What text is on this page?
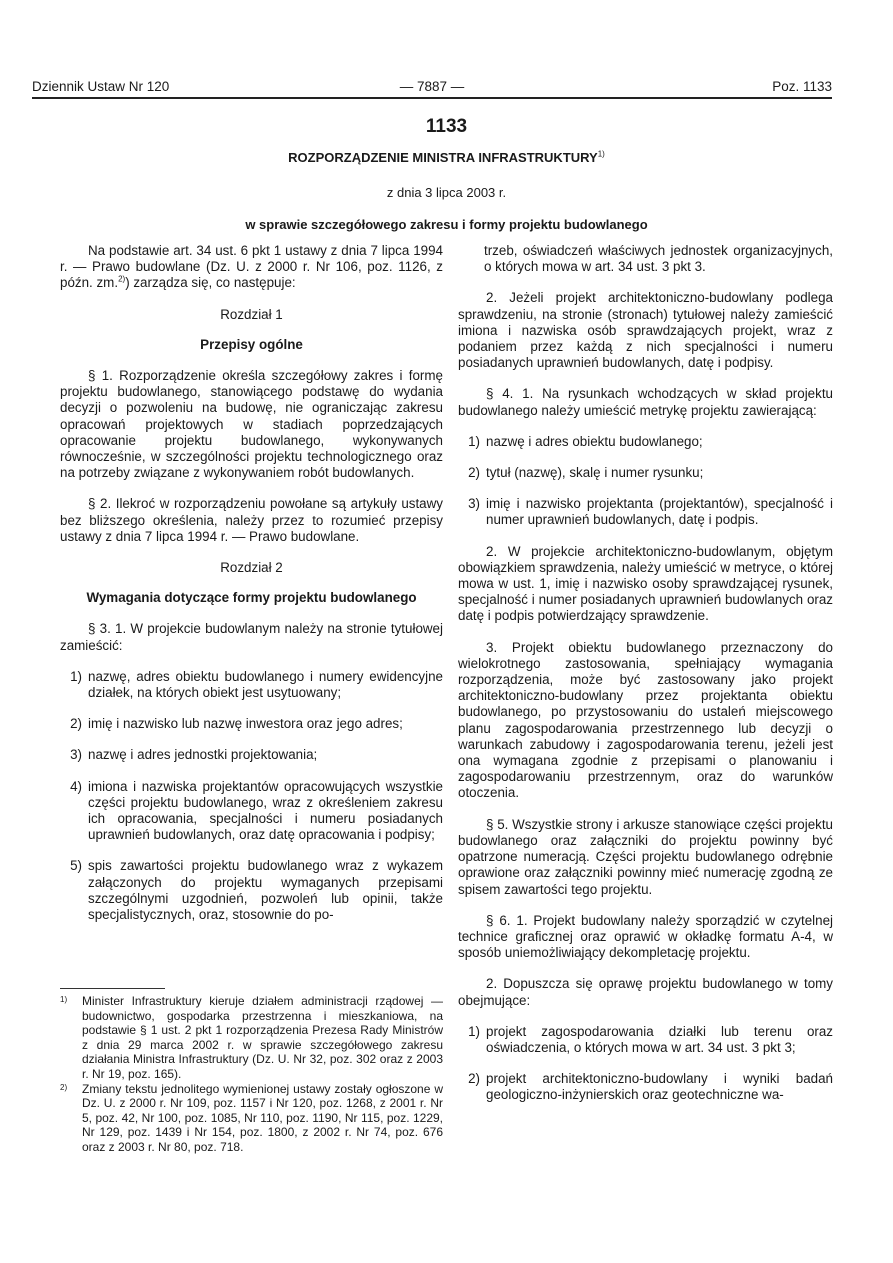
Dziennik Ustaw Nr 120	— 7887 —	Poz. 1133
1133
ROZPORZĄDZENIE MINISTRA INFRASTRUKTURY$^{1)}$
z dnia 3 lipca 2003 r.
w sprawie szczegółowego zakresu i formy projektu budowlanego

Na podstawie art. 34 ust. 6 pkt 1 ustawy z dnia 7 lipca 1994 r. — Prawo budowlane (Dz. U. z 2000 r. Nr 106, poz. 1126, z późn. zm.$^{2)}$) zarządza się, co następuje:

Rozdział 1
Przepisy ogólne

§ 1. Rozporządzenie określa szczegółowy zakres i formę projektu budowlanego, stanowiącego podstawę do wydania decyzji o pozwoleniu na budowę, nie ograniczając zakresu opracowań projektowych w stadiach poprzedzających opracowanie projektu budowlanego, wykonywanych równocześnie, w szczególności projektu technologicznego oraz na potrzeby związane z wykonywaniem robót budowlanych.

§ 2. Ilekroć w rozporządzeniu powołane są artykuły ustawy bez bliższego określenia, należy przez to rozumieć przepisy ustawy z dnia 7 lipca 1994 r. — Prawo budowlane.

Rozdział 2
Wymagania dotyczące formy projektu budowlanego

§ 3. 1. W projekcie budowlanym należy na stronie tytułowej zamieścić:

1) nazwę, adres obiektu budowlanego i numery ewidencyjne działek, na których obiekt jest usytuowany;
2) imię i nazwisko lub nazwę inwestora oraz jego adres;
3) nazwę i adres jednostki projektowania;
4) imiona i nazwiska projektantów opracowujących wszystkie części projektu budowlanego, wraz z określeniem zakresu ich opracowania, specjalności i numeru posiadanych uprawnień budowlanych, oraz datę opracowania i podpisy;
5) spis zawartości projektu budowlanego wraz z wykazem załączonych do projektu wymaganych przepisami szczególnymi uzgodnień, pozwoleń lub opinii, także specjalistycznych, oraz, stosownie do po-
1)	Minister Infrastruktury kieruje działem administracji rządowej — budownictwo, gospodarka przestrzenna i mieszkaniowa, na podstawie § 1 ust. 2 pkt 1 rozporządzenia Prezesa Rady Ministrów z dnia 29 marca 2002 r. w sprawie szczegółowego zakresu działania Ministra Infrastruktury (Dz. U. Nr 32, poz. 302 oraz z 2003 r. Nr 19, poz. 165).
2)	Zmiany tekstu jednolitego wymienionej ustawy zostały ogłoszone w Dz. U. z 2000 r. Nr 109, poz. 1157 i Nr 120, poz. 1268, z 2001 r. Nr 5, poz. 42, Nr 100, poz. 1085, Nr 110, poz. 1190, Nr 115, poz. 1229, Nr 129, poz. 1439 i Nr 154, poz. 1800, z 2002 r. Nr 74, poz. 676 oraz z 2003 r. Nr 80, poz. 718.
trzeb, oświadczeń właściwych jednostek organizacyjnych, o których mowa w art. 34 ust. 3 pkt 3.

2. Jeżeli projekt architektoniczno-budowlany podlega sprawdzeniu, na stronie (stronach) tytułowej należy zamieścić imiona i nazwiska osób sprawdzających projekt, wraz z podaniem przez każdą z nich specjalności i numeru posiadanych uprawnień budowlanych, datę i podpisy.

§ 4. 1. Na rysunkach wchodzących w skład projektu budowlanego należy umieścić metrykę projektu zawierającą:

1) nazwę i adres obiektu budowlanego;
2) tytuł (nazwę), skalę i numer rysunku;
3) imię i nazwisko projektanta (projektantów), specjalność i numer uprawnień budowlanych, datę i podpis.

2. W projekcie architektoniczno-budowlanym, objętym obowiązkiem sprawdzenia, należy umieścić w metryce, o której mowa w ust. 1, imię i nazwisko osoby sprawdzającej rysunek, specjalność i numer posiadanych uprawnień budowlanych oraz datę i podpis potwierdzający sprawdzenie.

3. Projekt obiektu budowlanego przeznaczony do wielokrotnego zastosowania, spełniający wymagania rozporządzenia, może być zastosowany jako projekt architektoniczno-budowlany przez projektanta obiektu budowlanego, po przystosowaniu do ustaleń miejscowego planu zagospodarowania przestrzennego lub decyzji o warunkach zabudowy i zagospodarowania terenu, jeżeli jest ona wymagana zgodnie z przepisami o planowaniu i zagospodarowaniu przestrzennym, oraz do warunków otoczenia.

§ 5. Wszystkie strony i arkusze stanowiące części projektu budowlanego oraz załączniki do projektu powinny być opatrzone numeracją. Części projektu budowlanego odrębnie oprawione oraz załączniki powinny mieć numerację zgodną ze spisem zawartości tego projektu.

§ 6. 1. Projekt budowlany należy sporządzić w czytelnej technice graficznej oraz oprawić w okładkę formatu A-4, w sposób uniemożliwiający dekompletację projektu.

2. Dopuszcza się oprawę projektu budowlanego w tomy obejmujące:

1) projekt zagospodarowania działki lub terenu oraz oświadczenia, o których mowa w art. 34 ust. 3 pkt 3;
2) projekt architektoniczno-budowlany i wyniki badań geologiczno-inżynierskich oraz geotechniczne wa-
